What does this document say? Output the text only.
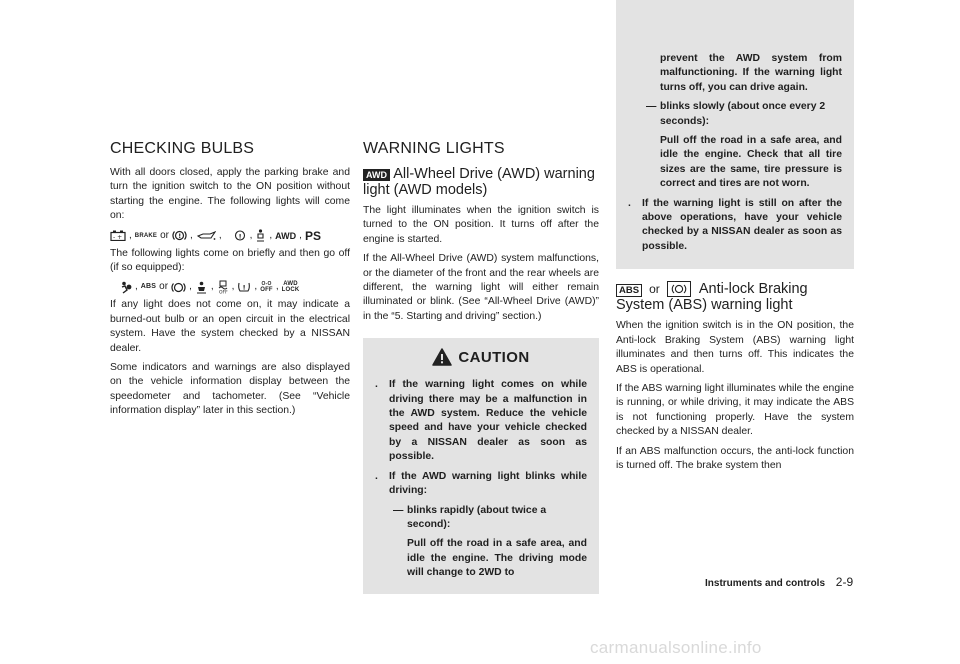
CHECKING BULBS

With all doors closed, apply the parking brake and turn the ignition switch to the ON position without starting the engine. The following lights will come on:

- + , BRAKE or ! ,	,	! , , AWD , PS

The following lights come on briefly and then go off (if so equipped):

, ABS or , ,
OFF
, ! , O-O
OFF , AWD
LOCK

If any light does not come on, it may indicate a burned-out bulb or an open circuit in the electrical system. Have the system checked by a NISSAN dealer.

Some indicators and warnings are also displayed on the vehicle information display between the speedometer and tachometer. (See “Vehicle information display” later in this section.)

WARNING LIGHTS
AWD All-Wheel Drive (AWD) warning light (AWD models)

The light illuminates when the ignition switch is turned to the ON position. It turns off after the engine is started.

If the All-Wheel Drive (AWD) system malfunctions, or the diameter of the front and the rear wheels are different, the warning light will either remain illuminated or blink. (See “All-Wheel Drive (AWD)” in the “5. Starting and driving” section.)

CAUTION
.	If the warning light comes on while driving there may be a malfunction in the AWD system. Reduce the vehicle speed and have your vehicle checked by a NISSAN dealer as soon as possible.
.	If the AWD warning light blinks while driving:
— blinks rapidly (about twice a second):
Pull off the road in a safe area, and idle the engine. The driving mode will change to 2WD to
prevent the AWD system from malfunctioning. If the warning light turns off, you can drive again.
— blinks slowly (about once every 2 seconds):
Pull off the road in a safe area, and idle the engine. Check that all tire sizes are the same, tire pressure is correct and tires are not worn.
.	If the warning light is still on after the above operations, have your vehicle checked by a NISSAN dealer as soon as possible.
ABS or	Anti-lock Braking System (ABS) warning light

When the ignition switch is in the ON position, the Anti-lock Braking System (ABS) warning light illuminates and then turns off. This indicates the ABS is operational.

If the ABS warning light illuminates while the engine is running, or while driving, it may indicate the ABS is not functioning properly. Have the system checked by a NISSAN dealer.

If an ABS malfunction occurs, the anti-lock function is turned off. The brake system then

Instruments and controls 2-9
carmanualsonline.info
